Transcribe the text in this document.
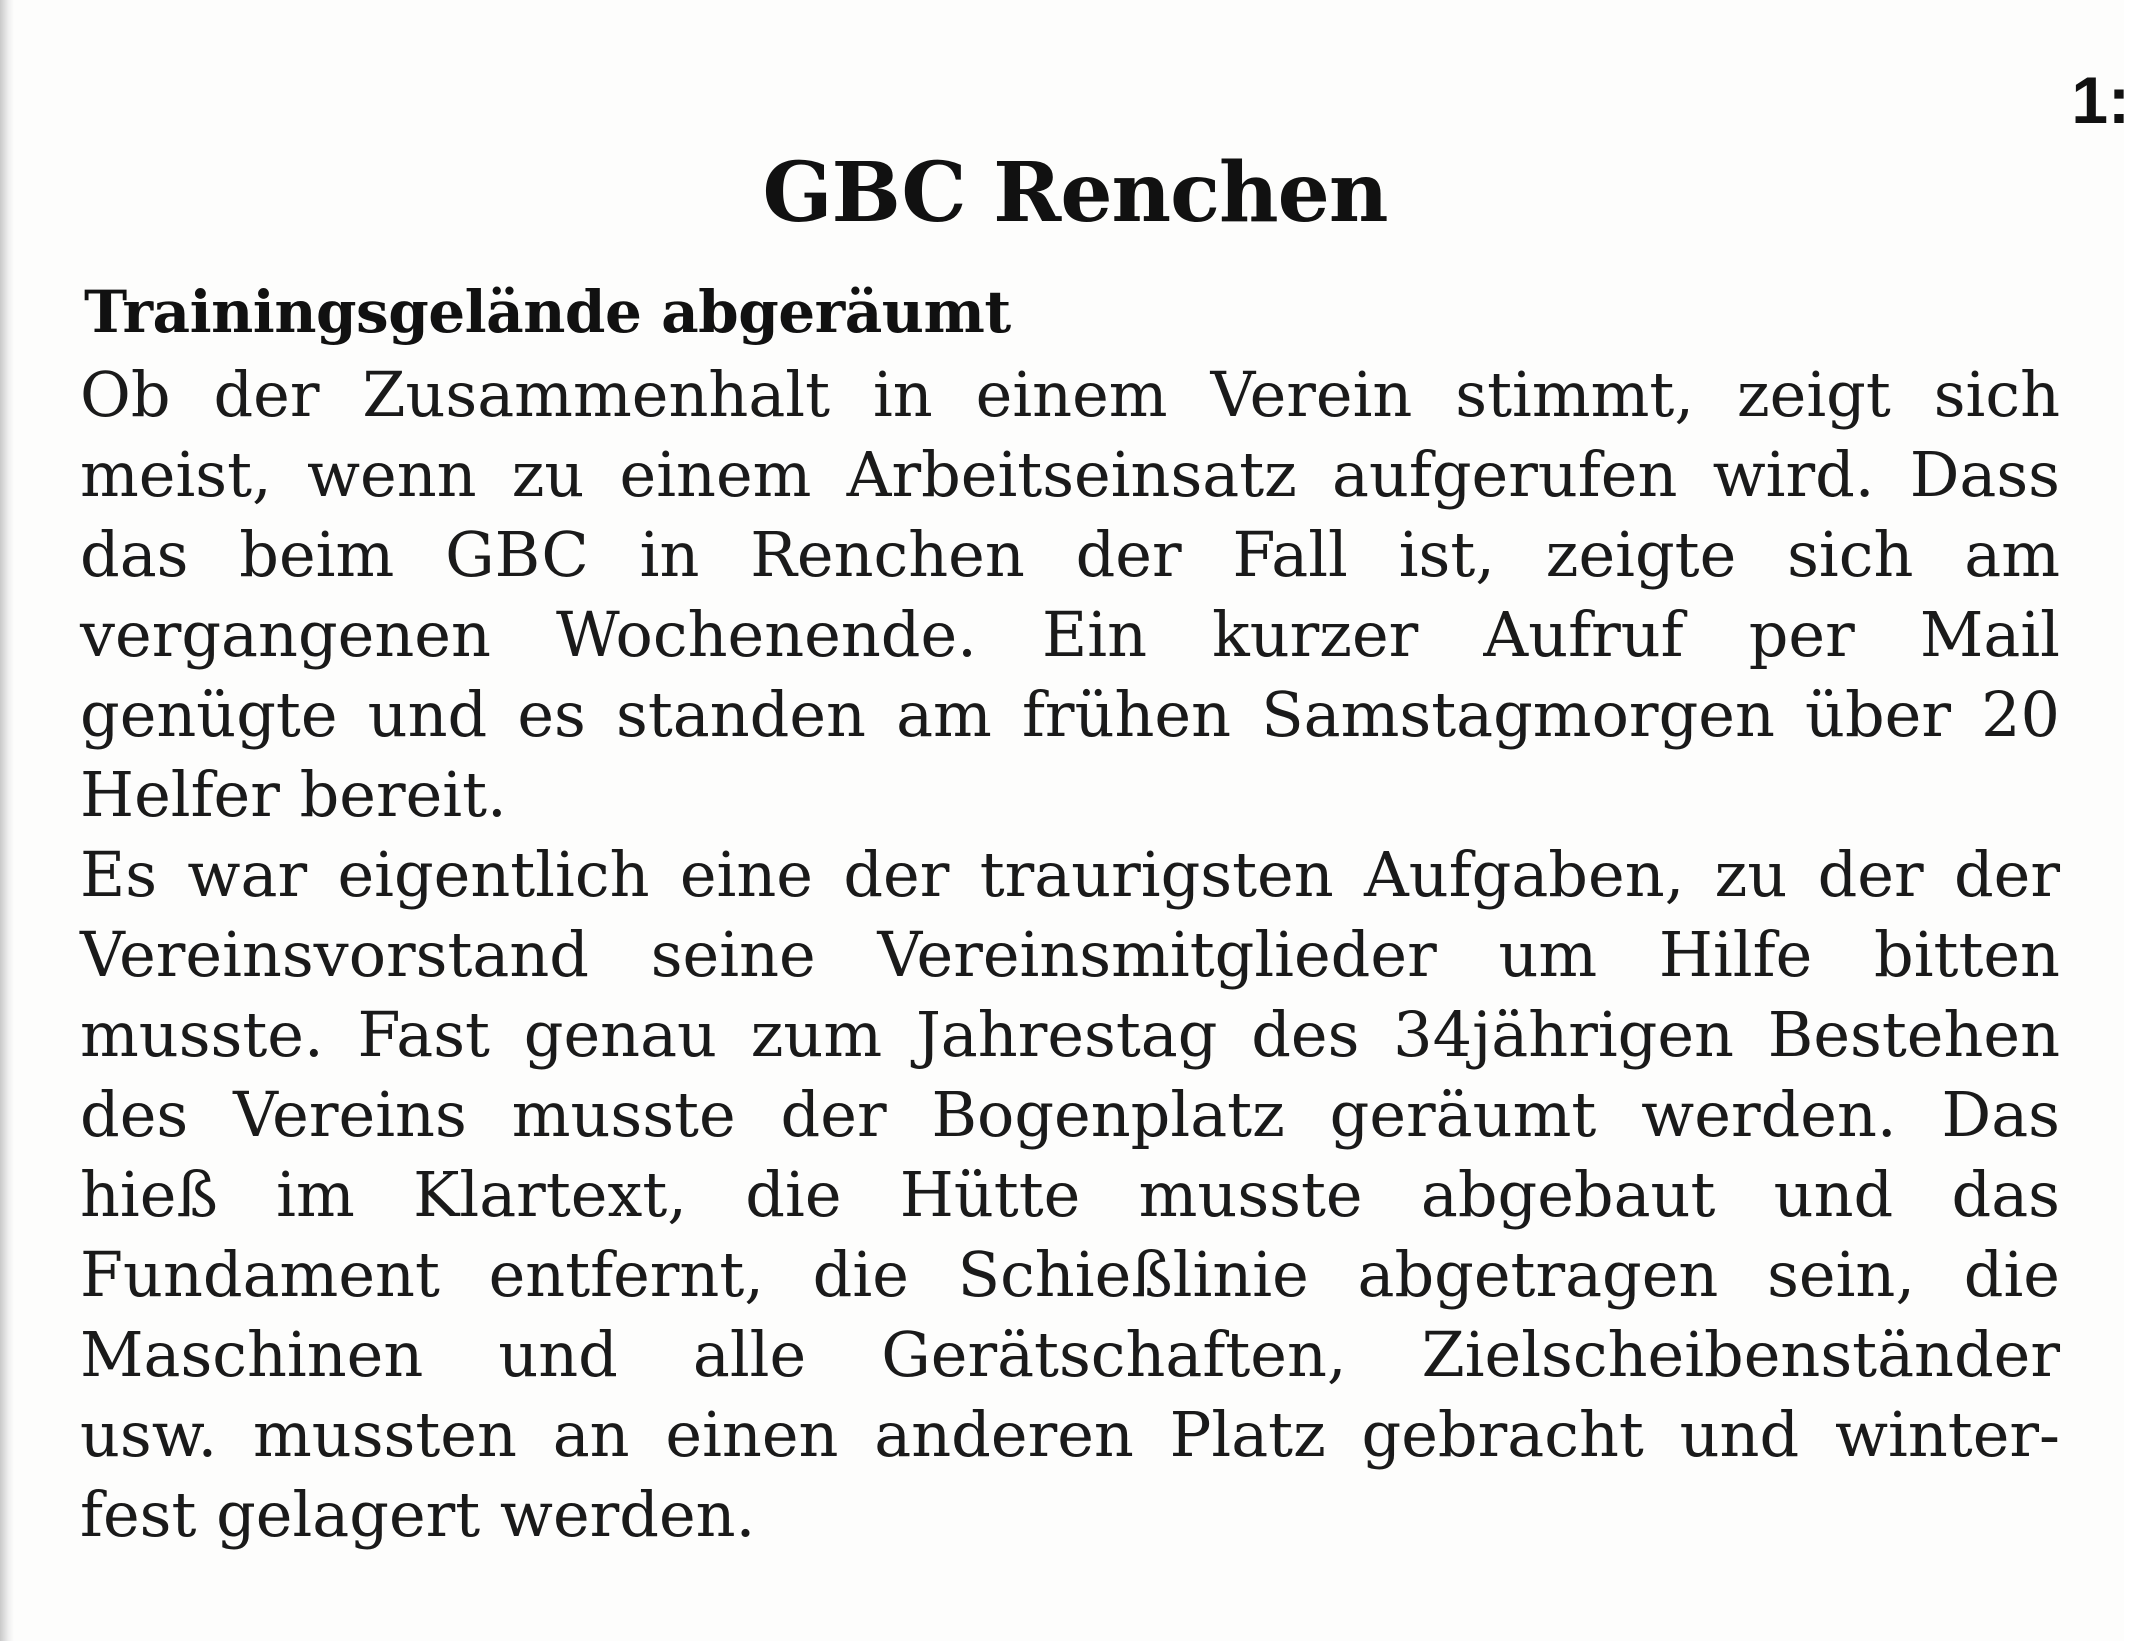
1:
GBC Renchen
Trainingsgelände abgeräumt

Ob der Zusammenhalt in einem Verein stimmt, zeigt sich
meist, wenn zu einem Arbeitseinsatz aufgerufen wird. Dass
das beim GBC in Renchen der Fall ist, zeigte sich am
vergangenen Wochenende. Ein kurzer Aufruf per Mail
genügte und es standen am frühen Samstagmorgen über 20
Helfer bereit.

Es war eigentlich eine der traurigsten Aufgaben, zu der der
Vereinsvorstand seine Vereinsmitglieder um Hilfe bitten
musste. Fast genau zum Jahrestag des 34jährigen Bestehen
des Vereins musste der Bogenplatz geräumt werden. Das
hieß im Klartext, die Hütte musste abgebaut und das
Fundament entfernt, die Schießlinie abgetragen sein, die
Maschinen und alle Gerätschaften, Zielscheibenständer
usw. mussten an einen anderen Platz gebracht und winter-
fest gelagert werden.
